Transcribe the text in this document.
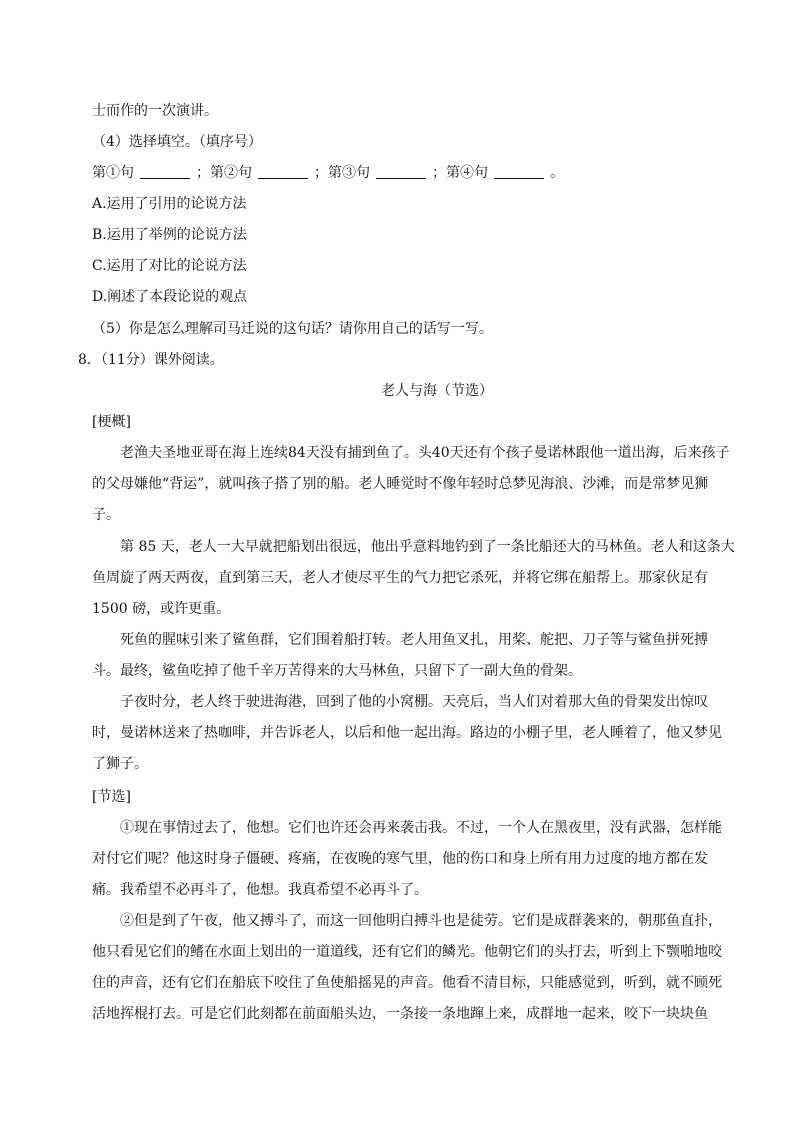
士而作的一次演讲。
（4）选择填空。（填序号）
第①句	；第②句	；第③句	；第④句	。
A.运用了引用的论说方法
B.运用了举例的论说方法
C.运用了对比的论说方法
D.阐述了本段论说的观点
（5）你是怎么理解司马迁说的这句话？请你用自己的话写一写。
8．（11分）课外阅读。
老人与海（节选）
[梗概]
老渔夫圣地亚哥在海上连续84天没有捕到鱼了。头40天还有个孩子曼诺林跟他一道出海，后来孩子
的父母嫌他“背运”，就叫孩子搭了别的船。老人睡觉时不像年轻时总梦见海浪、沙滩，而是常梦见狮
子。
第 85 天，老人一大早就把船划出很远，他出乎意料地钓到了一条比船还大的马林鱼。老人和这条大
鱼周旋了两天两夜，直到第三天，老人才使尽平生的气力把它杀死，并将它绑在船帮上。那家伙足有
1500 磅，或许更重。
死鱼的腥味引来了鲨鱼群，它们围着船打转。老人用鱼叉扎，用桨、舵把、刀子等与鲨鱼拼死搏
斗。最终，鲨鱼吃掉了他千辛万苦得来的大马林鱼，只留下了一副大鱼的骨架。
子夜时分，老人终于驶进海港，回到了他的小窝棚。天亮后，当人们对着那大鱼的骨架发出惊叹
时，曼诺林送来了热咖啡，并告诉老人，以后和他一起出海。路边的小棚子里，老人睡着了，他又梦见
了狮子。
[节选]
①现在事情过去了，他想。它们也许还会再来袭击我。不过，一个人在黑夜里，没有武器，怎样能
对付它们呢？他这时身子僵硬、疼痛，在夜晚的寒气里，他的伤口和身上所有用力过度的地方都在发
痛。我希望不必再斗了，他想。我真希望不必再斗了。
②但是到了午夜，他又搏斗了，而这一回他明白搏斗也是徒劳。它们是成群袭来的，朝那鱼直扑，
他只看见它们的鳍在水面上划出的一道道线，还有它们的鳞光。他朝它们的头打去，听到上下颚啪地咬
住的声音，还有它们在船底下咬住了鱼使船摇晃的声音。他看不清目标，只能感觉到，听到，就不顾死
活地挥棍打去。可是它们此刻都在前面船头边，一条接一条地蹿上来，成群地一起来，咬下一块块鱼
